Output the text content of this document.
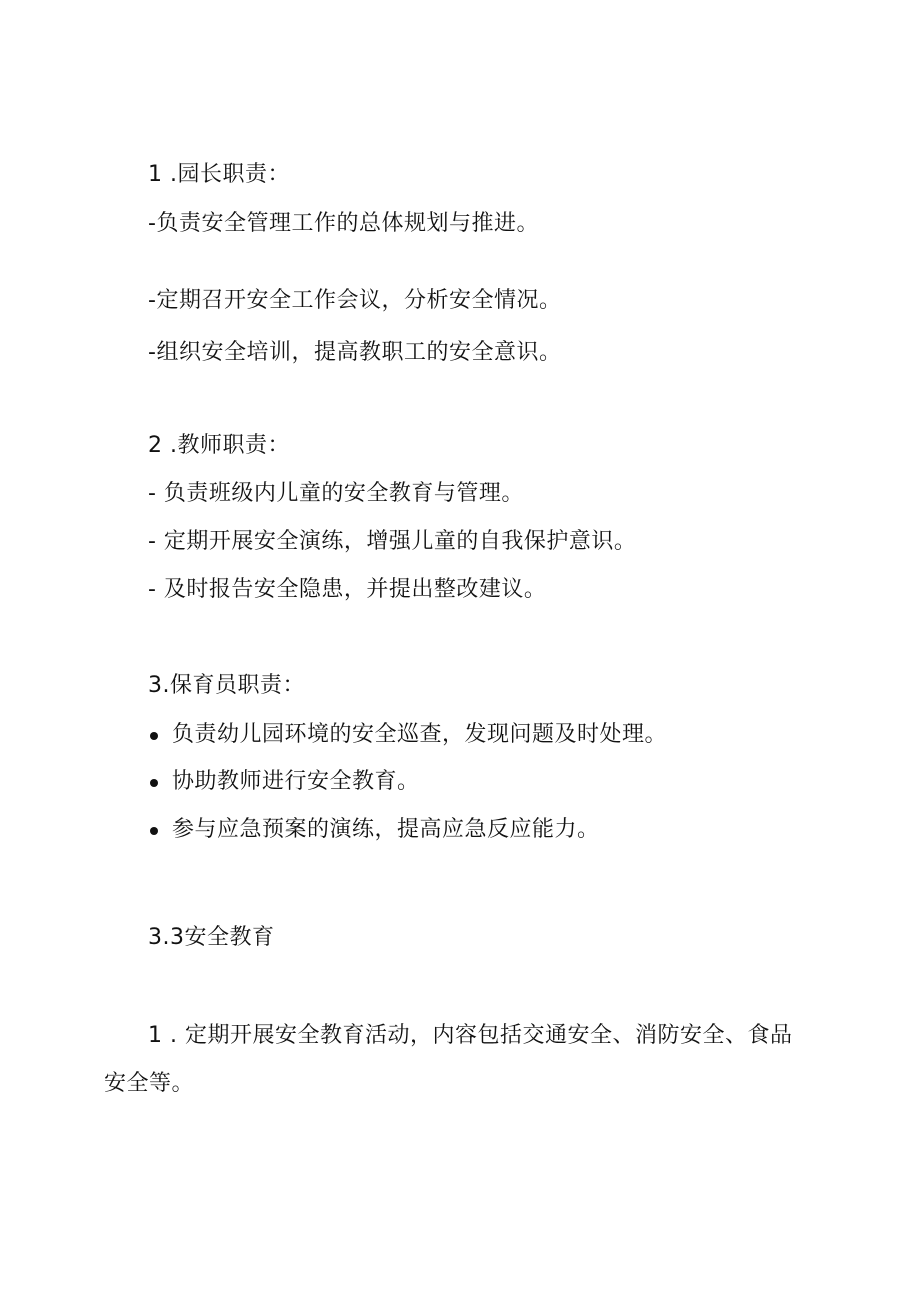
1 .园长职责：
-负责安全管理工作的总体规划与推进。
-定期召开安全工作会议，分析安全情况。
-组织安全培训，提高教职工的安全意识。
2 .教师职责：
- 负责班级内儿童的安全教育与管理。
- 定期开展安全演练，增强儿童的自我保护意识。
- 及时报告安全隐患，并提出整改建议。
3.保育员职责：
负责幼儿园环境的安全巡查，发现问题及时处理。
协助教师进行安全教育。
参与应急预案的演练，提高应急反应能力。
3.3安全教育
1 . 定期开展安全教育活动，内容包括交通安全、消防安全、食品
安全等。
